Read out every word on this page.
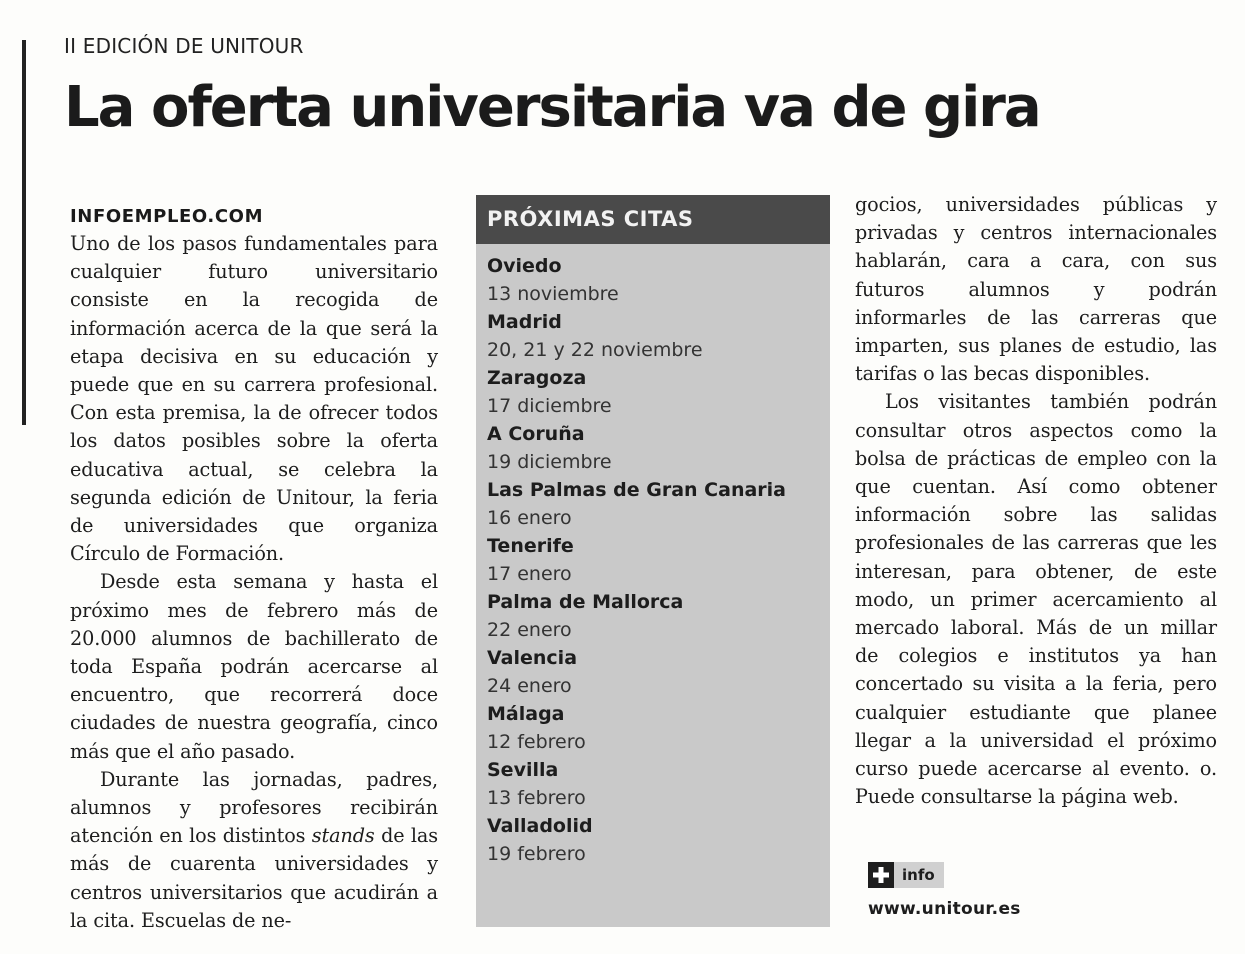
II EDICIÓN DE UNITOUR
La oferta universitaria va de gira
INFOEMPLEO.COM

Uno de los pasos fundamentales para cualquier futuro universitario consiste en la recogida de información acerca de la que será la etapa decisiva en su educación y puede que en su carrera profesional. Con esta premisa, la de ofrecer todos los datos posibles sobre la oferta educativa actual, se celebra la segunda edición de Unitour, la feria de universidades que organiza Círculo de Formación.

Desde esta semana y hasta el próximo mes de febrero más de 20.000 alumnos de bachillerato de toda España podrán acercarse al encuentro, que recorrerá doce ciudades de nuestra geografía, cinco más que el año pasado.

Durante las jornadas, padres, alumnos y profesores recibirán atención en los distintos stands de las más de cuarenta universidades y centros universitarios que acudirán a la cita. Escuelas de ne-

PRÓXIMAS CITAS
Oviedo
13 noviembre
Madrid
20, 21 y 22 noviembre
Zaragoza
17 diciembre
A Coruña
19 diciembre
Las Palmas de Gran Canaria
16 enero
Tenerife
17 enero
Palma de Mallorca
22 enero
Valencia
24 enero
Málaga
12 febrero
Sevilla
13 febrero
Valladolid
19 febrero

gocios, universidades públicas y privadas y centros internacionales hablarán, cara a cara, con sus futuros alumnos y podrán informarles de las carreras que imparten, sus planes de estudio, las tarifas o las becas disponibles.

Los visitantes también podrán consultar otros aspectos como la bolsa de prácticas de empleo con la que cuentan. Así como obtener información sobre las salidas profesionales de las carreras que les interesan, para obtener, de este modo, un primer acercamiento al mercado laboral. Más de un millar de colegios e institutos ya han concertado su visita a la feria, pero cualquier estudiante que planee llegar a la universidad el próximo curso puede acercarse al evento. o. Puede consultarse la página web.

info
www.unitour.es
